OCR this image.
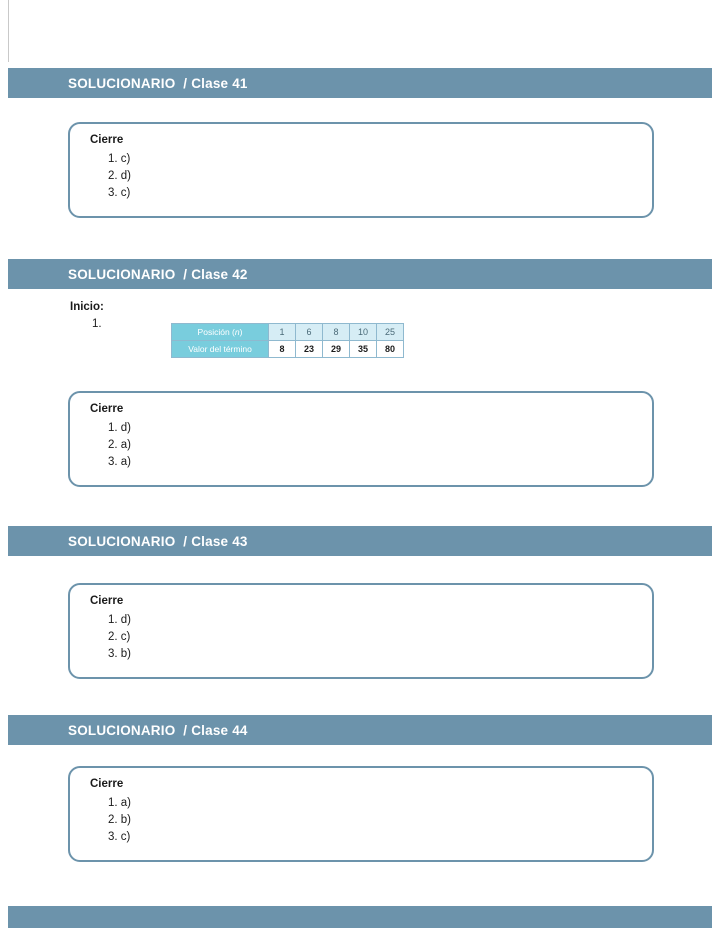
SOLUCIONARIO  / Clase 41
Cierre
1. c)
2. d)
3. c)
SOLUCIONARIO  / Clase 42
Inicio:
1.
Posición (n)	1	6	8	10	25
Valor del término	8	23	29	35	80
Cierre
1. d)
2. a)
3. a)
SOLUCIONARIO  / Clase 43
Cierre
1. d)
2. c)
3. b)
SOLUCIONARIO  / Clase 44
Cierre
1. a)
2. b)
3. c)
